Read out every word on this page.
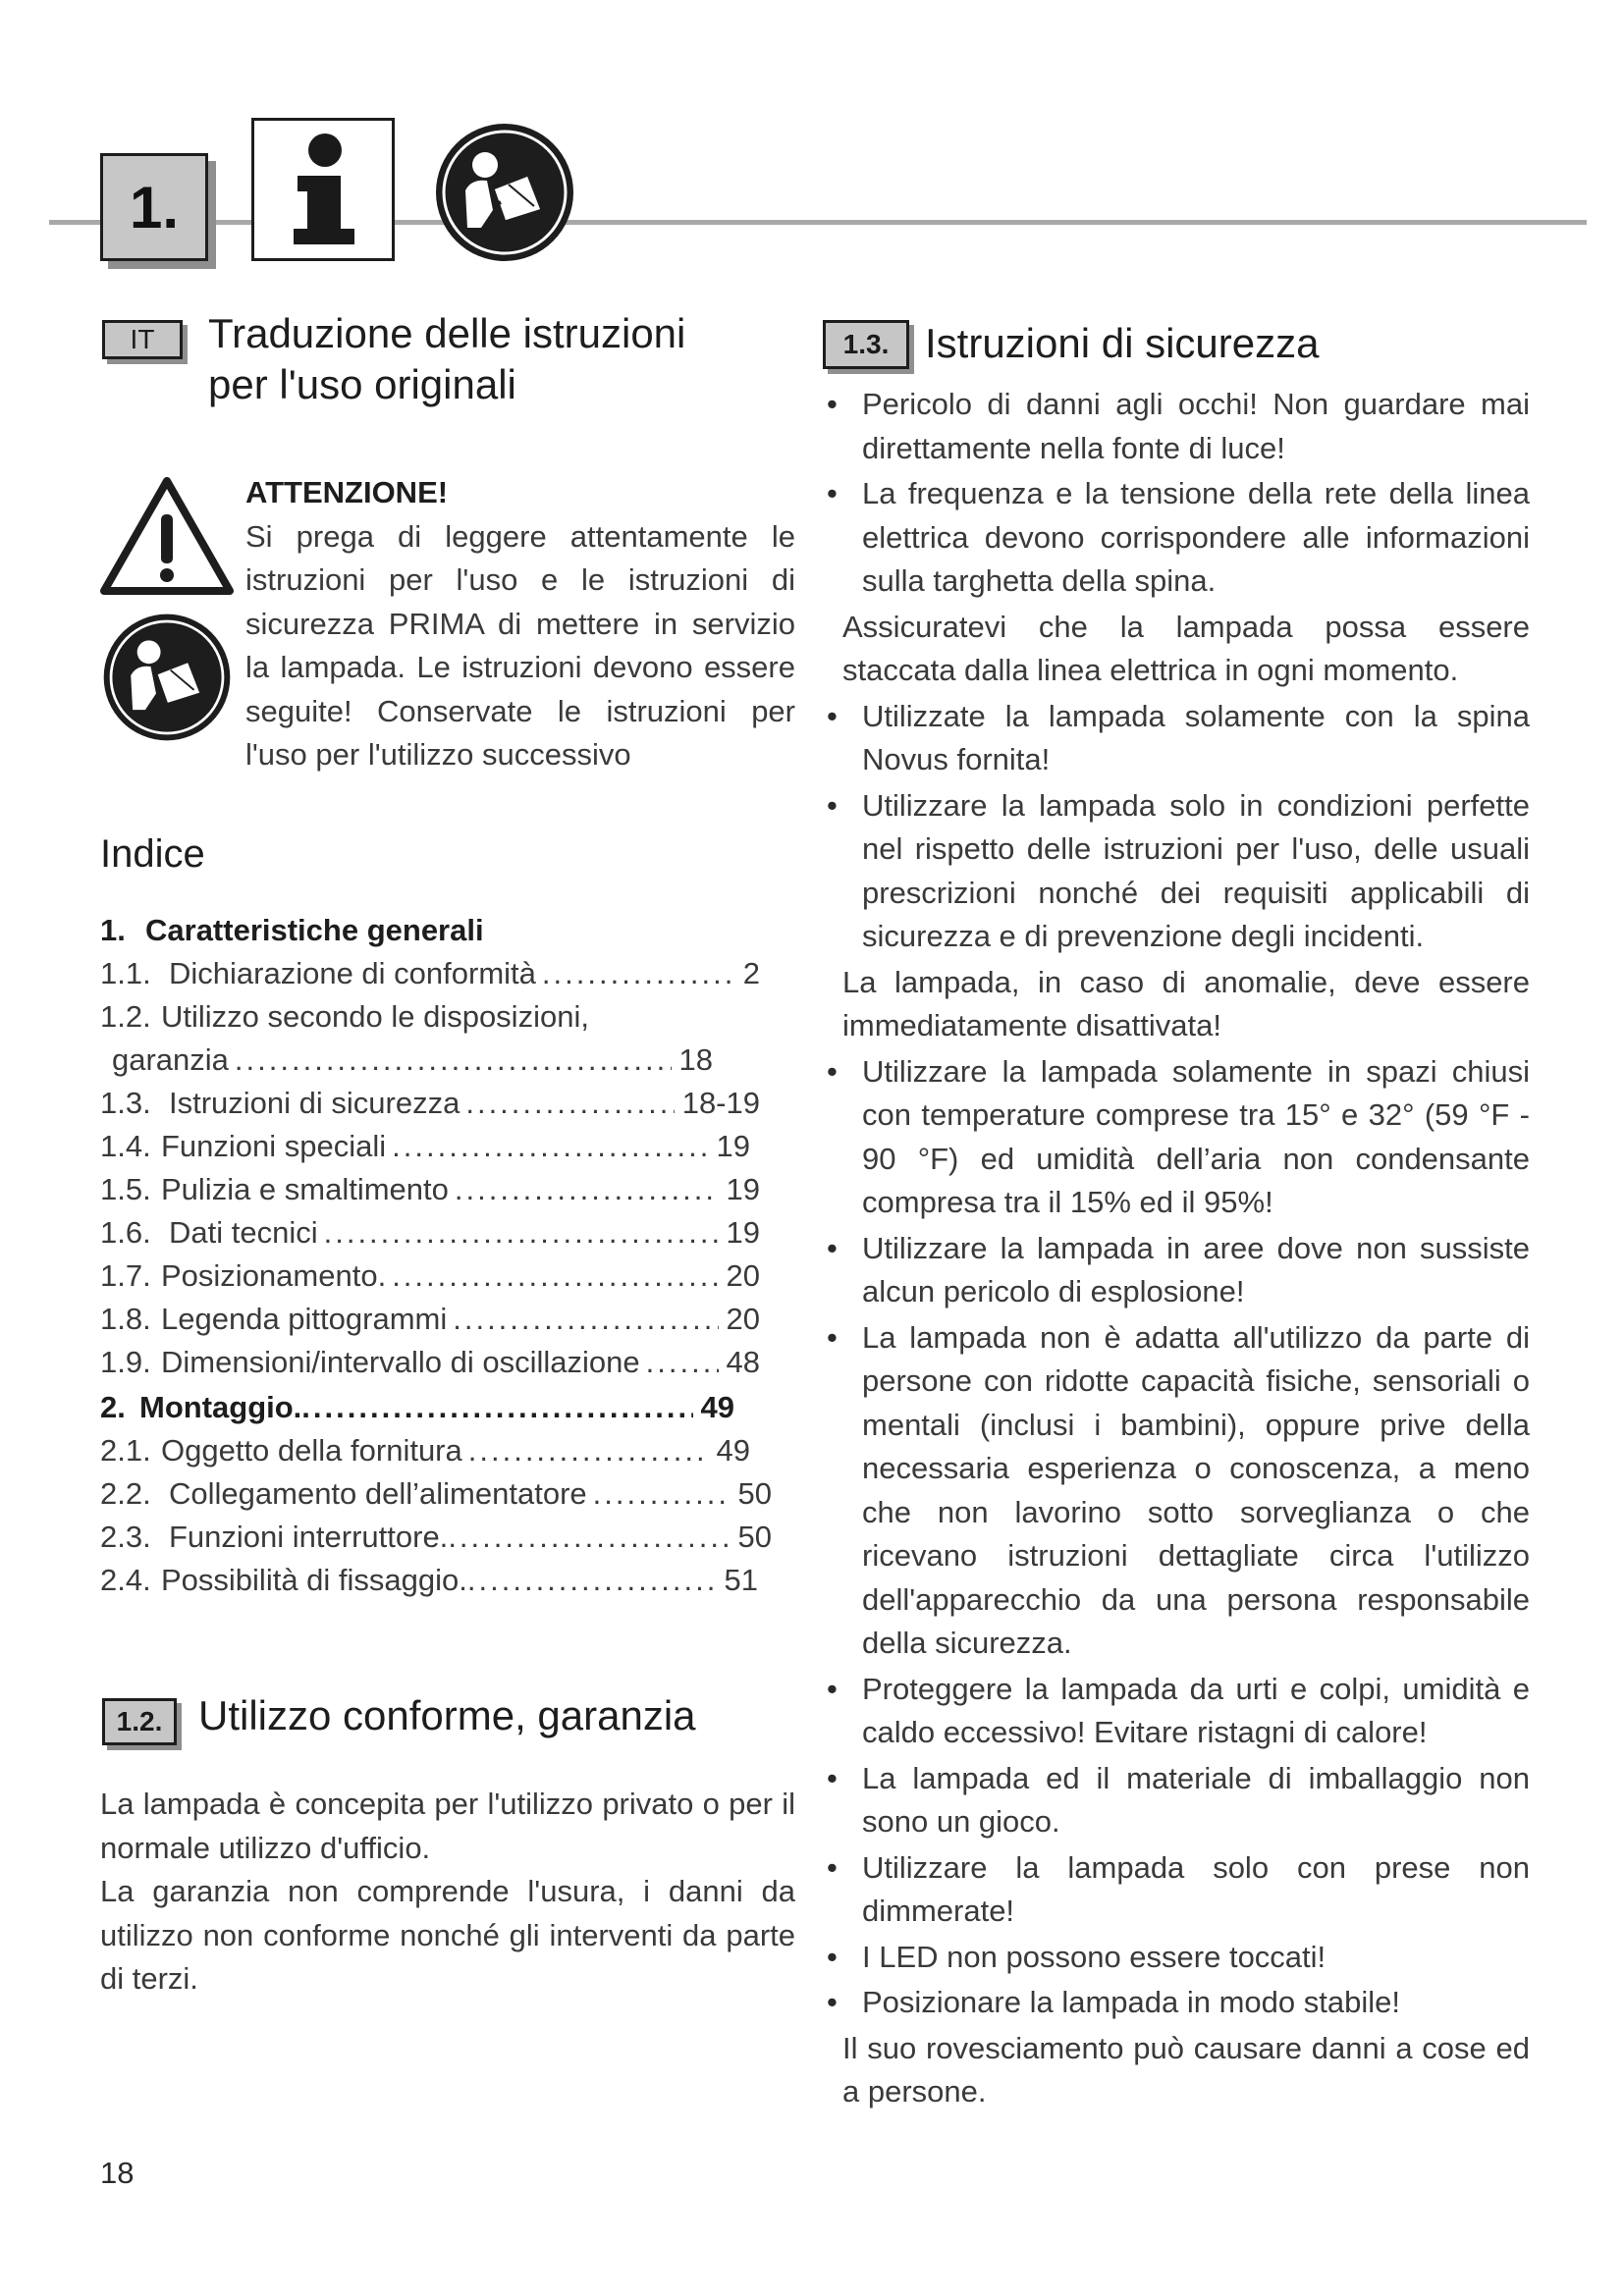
1.
IT Traduzione delle istruzioni
per l'uso originali
ATTENZIONE!
Si prega di leggere attentamente le istruzioni per l'uso e le istruzioni di sicurezza PRIMA di mettere in servizio la lampada. Le istruzioni devono essere seguite! Conservate le istruzioni per l'uso per l'utilizzo successivo
Indice
1. Caratteristiche generali
1.1. Dichiarazione di conformità .....	2
1.2. Utilizzo secondo le disposizioni,
garanzia .....	18
1.3. Istruzioni di sicurezza .....	18-19
1.4. Funzioni speciali .....	19
1.5. Pulizia e smaltimento .....	19
1.6. Dati tecnici .....	19
1.7. Posizionamento. .....	20
1.8. Legenda pittogrammi .....	20
1.9. Dimensioni/intervallo di oscillazione .....	48
2. Montaggio. .....	49
2.1. Oggetto della fornitura .....	49
2.2. Collegamento dell’alimentatore .....	50
2.3. Funzioni interruttore. .....	50
2.4. Possibilità di fissaggio. .....	51
1.2. Utilizzo conforme, garanzia
La lampada è concepita per l'utilizzo privato o per il normale utilizzo d'ufficio.
La garanzia non comprende l'usura, i danni da utilizzo non conforme nonché gli interventi da parte di terzi.
1.3. Istruzioni di sicurezza
• Pericolo di danni agli occhi! Non guardare mai direttamente nella fonte di luce!
• La frequenza e la tensione della rete della linea elettrica devono corrispondere alle informazioni sulla targhetta della spina.
Assicuratevi che la lampada possa essere staccata dalla linea elettrica in ogni momento.
• Utilizzate la lampada solamente con la spina Novus fornita!
• Utilizzare la lampada solo in condizioni perfette nel rispetto delle istruzioni per l'uso, delle usuali prescrizioni nonché dei requisiti applicabili di sicurezza e di prevenzione degli incidenti.
La lampada, in caso di anomalie, deve essere immediatamente disattivata!
• Utilizzare la lampada solamente in spazi chiusi con temperature comprese tra 15° e 32° (59 °F - 90 °F) ed umidità dell’aria non condensante compresa tra il 15% ed il 95%!
• Utilizzare la lampada in aree dove non sussiste alcun pericolo di esplosione!
• La lampada non è adatta all'utilizzo da parte di persone con ridotte capacità fisiche, sensoriali o mentali (inclusi i bambini), oppure prive della necessaria esperienza o conoscenza, a meno che non lavorino sotto sorveglianza o che ricevano istruzioni dettagliate circa l'utilizzo dell'apparecchio da una persona responsabile della sicurezza.
• Proteggere la lampada da urti e colpi, umidità e caldo eccessivo! Evitare ristagni di calore!
• La lampada ed il materiale di imballaggio non sono un gioco.
• Utilizzare la lampada solo con prese non dimmerate!
• I LED non possono essere toccati!
• Posizionare la lampada in modo stabile!
Il suo rovesciamento può causare danni a cose ed a persone.
18
